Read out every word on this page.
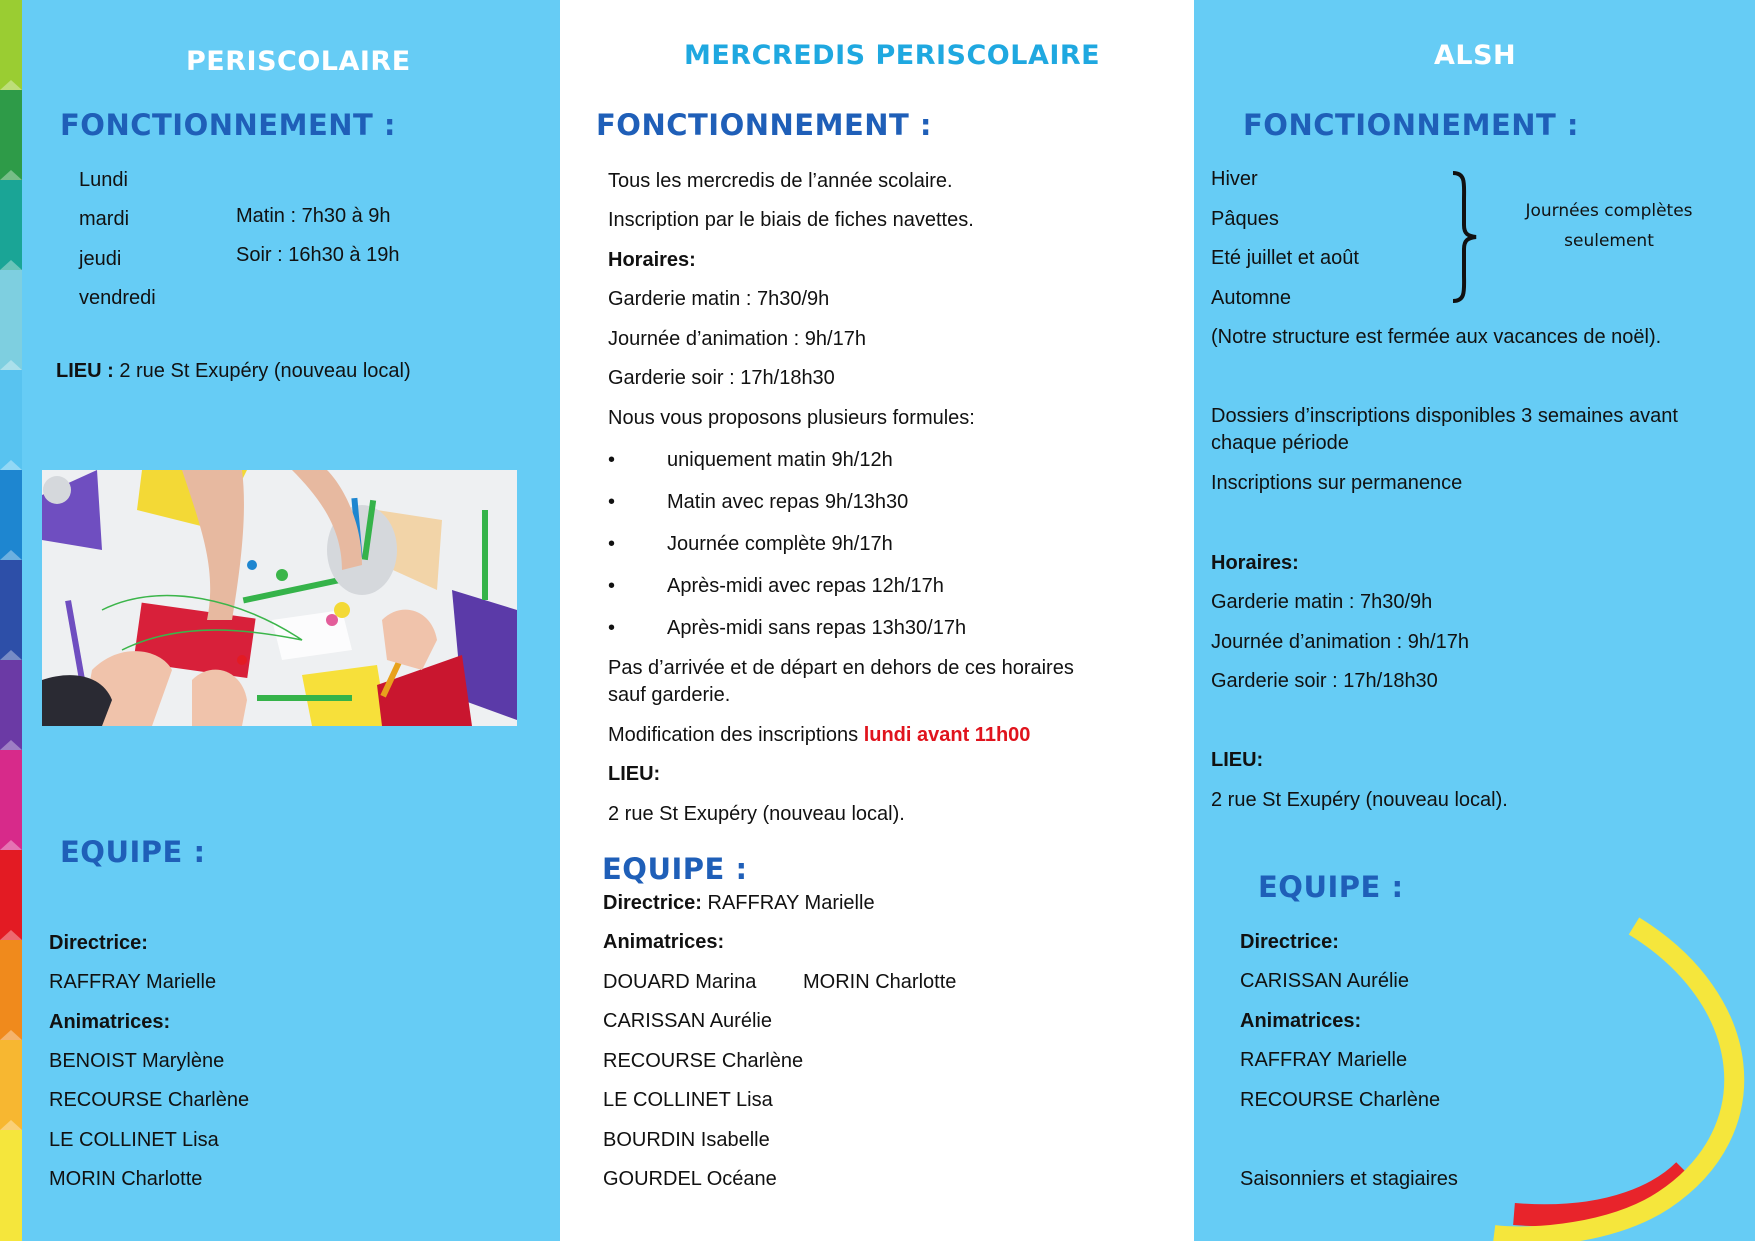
PERISCOLAIRE
FONCTIONNEMENT :
Lundi
mardi
jeudi
vendredi
Matin : 7h30 à 9h
Soir : 16h30 à 19h
LIEU : 2 rue St Exupéry (nouveau local)
EQUIPE :
Directrice:
RAFFRAY Marielle
Animatrices:
BENOIST Marylène
RECOURSE Charlène
LE COLLINET Lisa
MORIN Charlotte
MERCREDIS PERISCOLAIRE
FONCTIONNEMENT :
Tous les mercredis de l’année scolaire.
Inscription par le biais de fiches navettes.
Horaires:
Garderie matin : 7h30/9h
Journée d’animation : 9h/17h
Garderie soir : 17h/18h30
Nous vous proposons plusieurs formules:
•	uniquement matin 9h/12h
•	Matin avec repas 9h/13h30
•	Journée complète 9h/17h
•	Après-midi avec repas 12h/17h
•	Après-midi sans repas 13h30/17h
Pas d’arrivée et de départ en dehors de ces horaires
sauf garderie.
Modification des inscriptions lundi avant 11h00
LIEU:
2 rue St Exupéry (nouveau local).
EQUIPE :
Directrice: RAFFRAY Marielle
Animatrices:
DOUARD Marina MORIN Charlotte
CARISSAN Aurélie
RECOURSE Charlène
LE COLLINET Lisa
BOURDIN Isabelle
GOURDEL Océane
ALSH
FONCTIONNEMENT :
Hiver
Pâques
Eté juillet et août
Automne
Journées complètes
seulement
(Notre structure est fermée aux vacances de noël).
Dossiers d’inscriptions disponibles 3 semaines avant
chaque période
Inscriptions sur permanence
Horaires:
Garderie matin : 7h30/9h
Journée d’animation : 9h/17h
Garderie soir : 17h/18h30
LIEU:
2 rue St Exupéry (nouveau local).
EQUIPE :
Directrice:
CARISSAN Aurélie
Animatrices:
RAFFRAY Marielle
RECOURSE Charlène
Saisonniers et stagiaires
